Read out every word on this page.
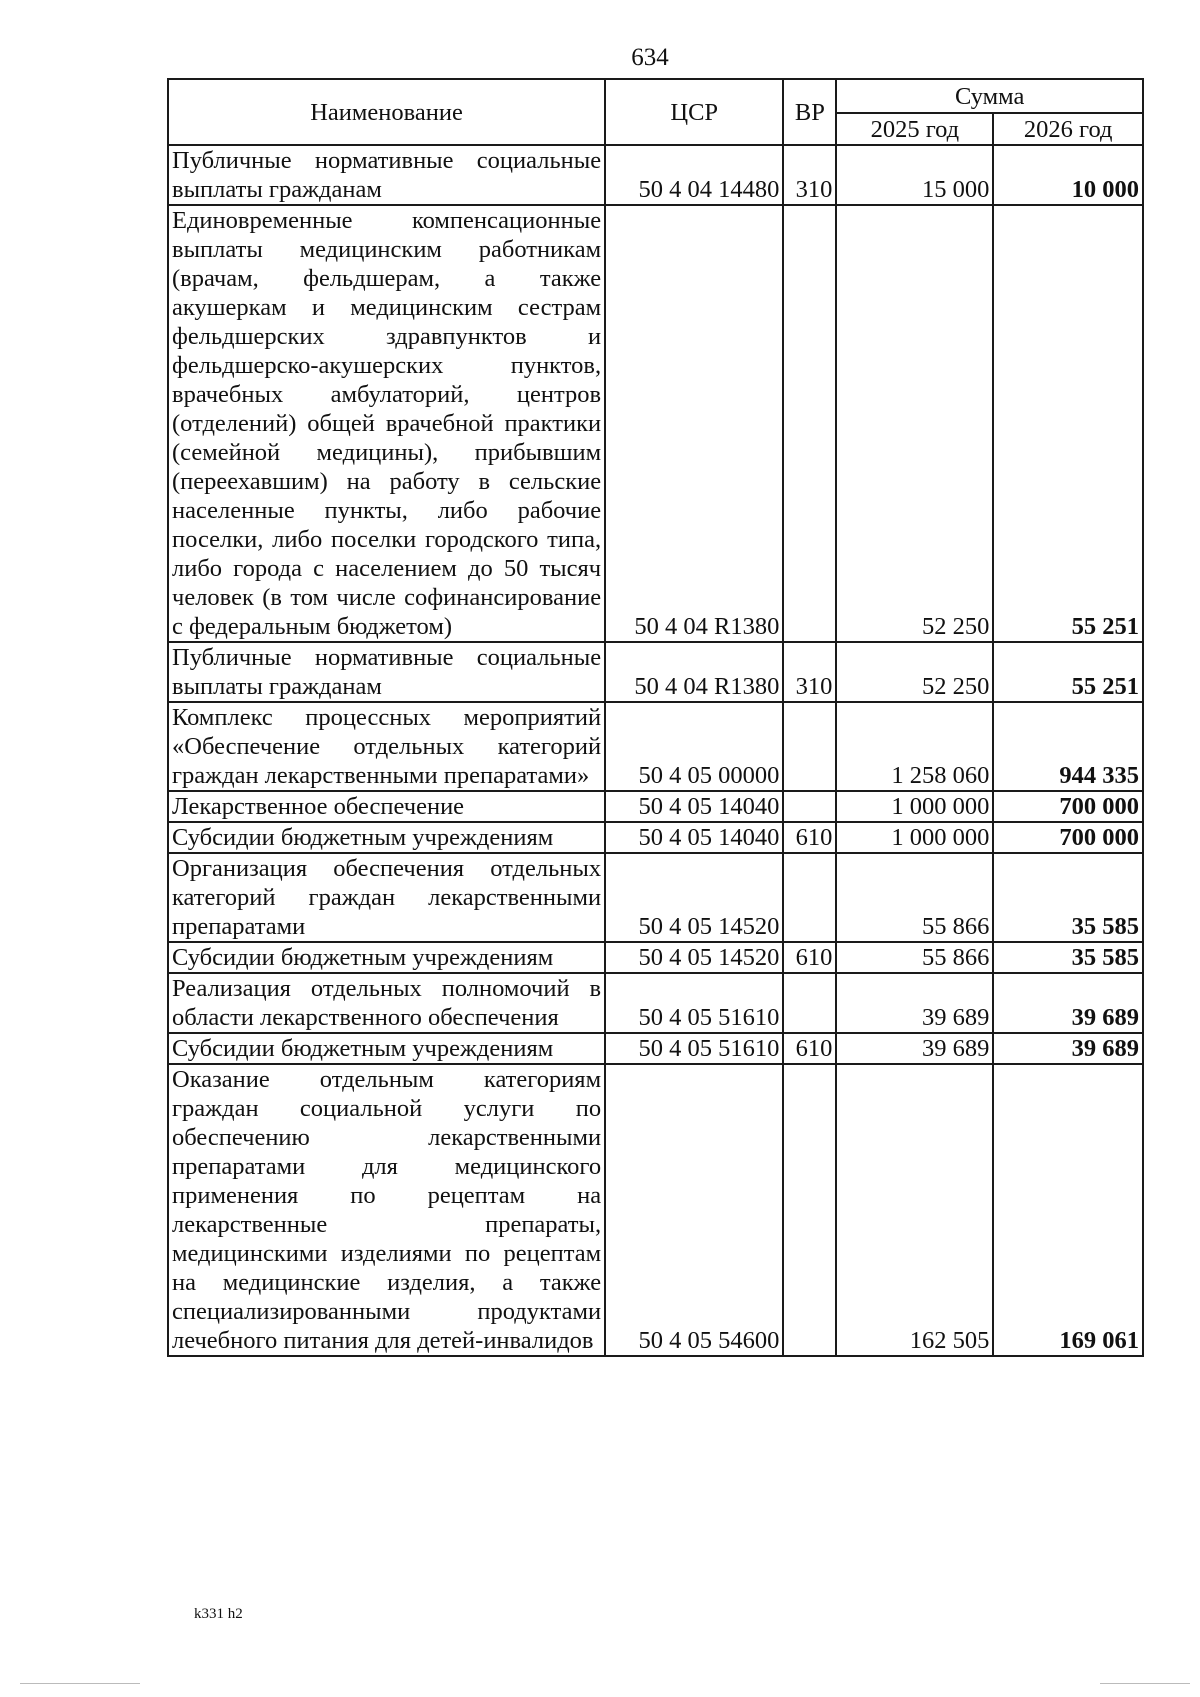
634
Наименование	ЦСР	ВР	Сумма	
			2025 год	2026 год
Публичные нормативные социальные выплаты гражданам	50 4 04 14480	310	15 000	10 000
Единовременные компенсационные выплаты медицинским работникам (врачам, фельдшерам, а также акушеркам и медицинским сестрам фельдшерских здравпунктов и фельдшерско-акушерских пунктов, врачебных амбулаторий, центров (отделений) общей врачебной практики (семейной медицины), прибывшим (переехавшим) на работу в сельские населенные пункты, либо рабочие поселки, либо поселки городского типа, либо города с населением до 50 тысяч человек (в том числе софинансирование с федеральным бюджетом)	50 4 04 R1380		52 250	55 251
Публичные нормативные социальные выплаты гражданам	50 4 04 R1380	310	52 250	55 251
Комплекс процессных мероприятий «Обеспечение отдельных категорий граждан лекарственными препаратами»	50 4 05 00000		1 258 060	944 335
Лекарственное обеспечение	50 4 05 14040		1 000 000	700 000
Субсидии бюджетным учреждениям	50 4 05 14040	610	1 000 000	700 000
Организация обеспечения отдельных категорий граждан лекарственными препаратами	50 4 05 14520		55 866	35 585
Субсидии бюджетным учреждениям	50 4 05 14520	610	55 866	35 585
Реализация отдельных полномочий в области лекарственного обеспечения	50 4 05 51610		39 689	39 689
Субсидии бюджетным учреждениям	50 4 05 51610	610	39 689	39 689
Оказание отдельным категориям граждан социальной услуги по обеспечению лекарственными препаратами для медицинского применения по рецептам на лекарственные препараты, медицинскими изделиями по рецептам на медицинские изделия, а также специализированными продуктами лечебного питания для детей-инвалидов	50 4 05 54600		162 505	169 061
k331 h2
